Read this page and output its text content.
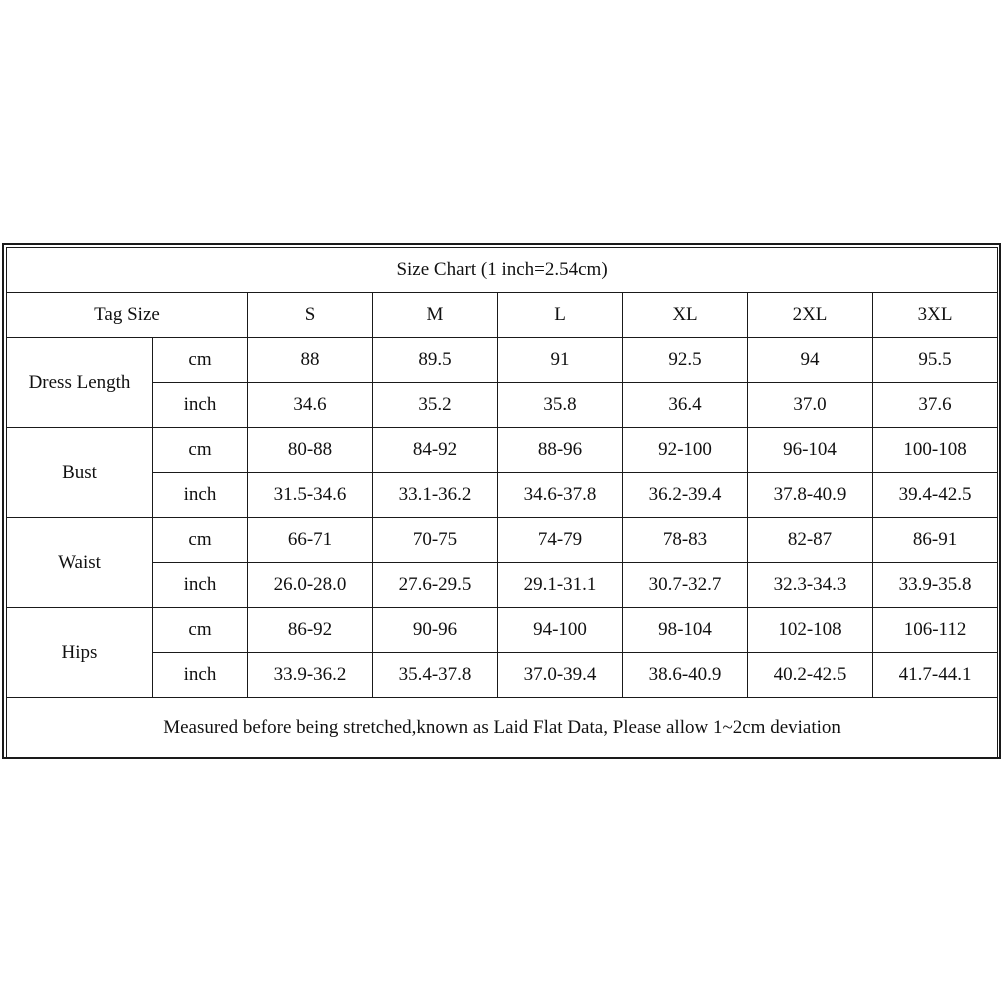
Size Chart (1 inch=2.54cm)							
Tag Size		S	M	L	XL	2XL	3XL
Dress Length	cm	88	89.5	91	92.5	94	95.5
	inch	34.6	35.2	35.8	36.4	37.0	37.6
Bust	cm	80-88	84-92	88-96	92-100	96-104	100-108
	inch	31.5-34.6	33.1-36.2	34.6-37.8	36.2-39.4	37.8-40.9	39.4-42.5
Waist	cm	66-71	70-75	74-79	78-83	82-87	86-91
	inch	26.0-28.0	27.6-29.5	29.1-31.1	30.7-32.7	32.3-34.3	33.9-35.8
Hips	cm	86-92	90-96	94-100	98-104	102-108	106-112
	inch	33.9-36.2	35.4-37.8	37.0-39.4	38.6-40.9	40.2-42.5	41.7-44.1
Measured before being stretched,known as Laid Flat Data, Please allow 1~2cm deviation							
